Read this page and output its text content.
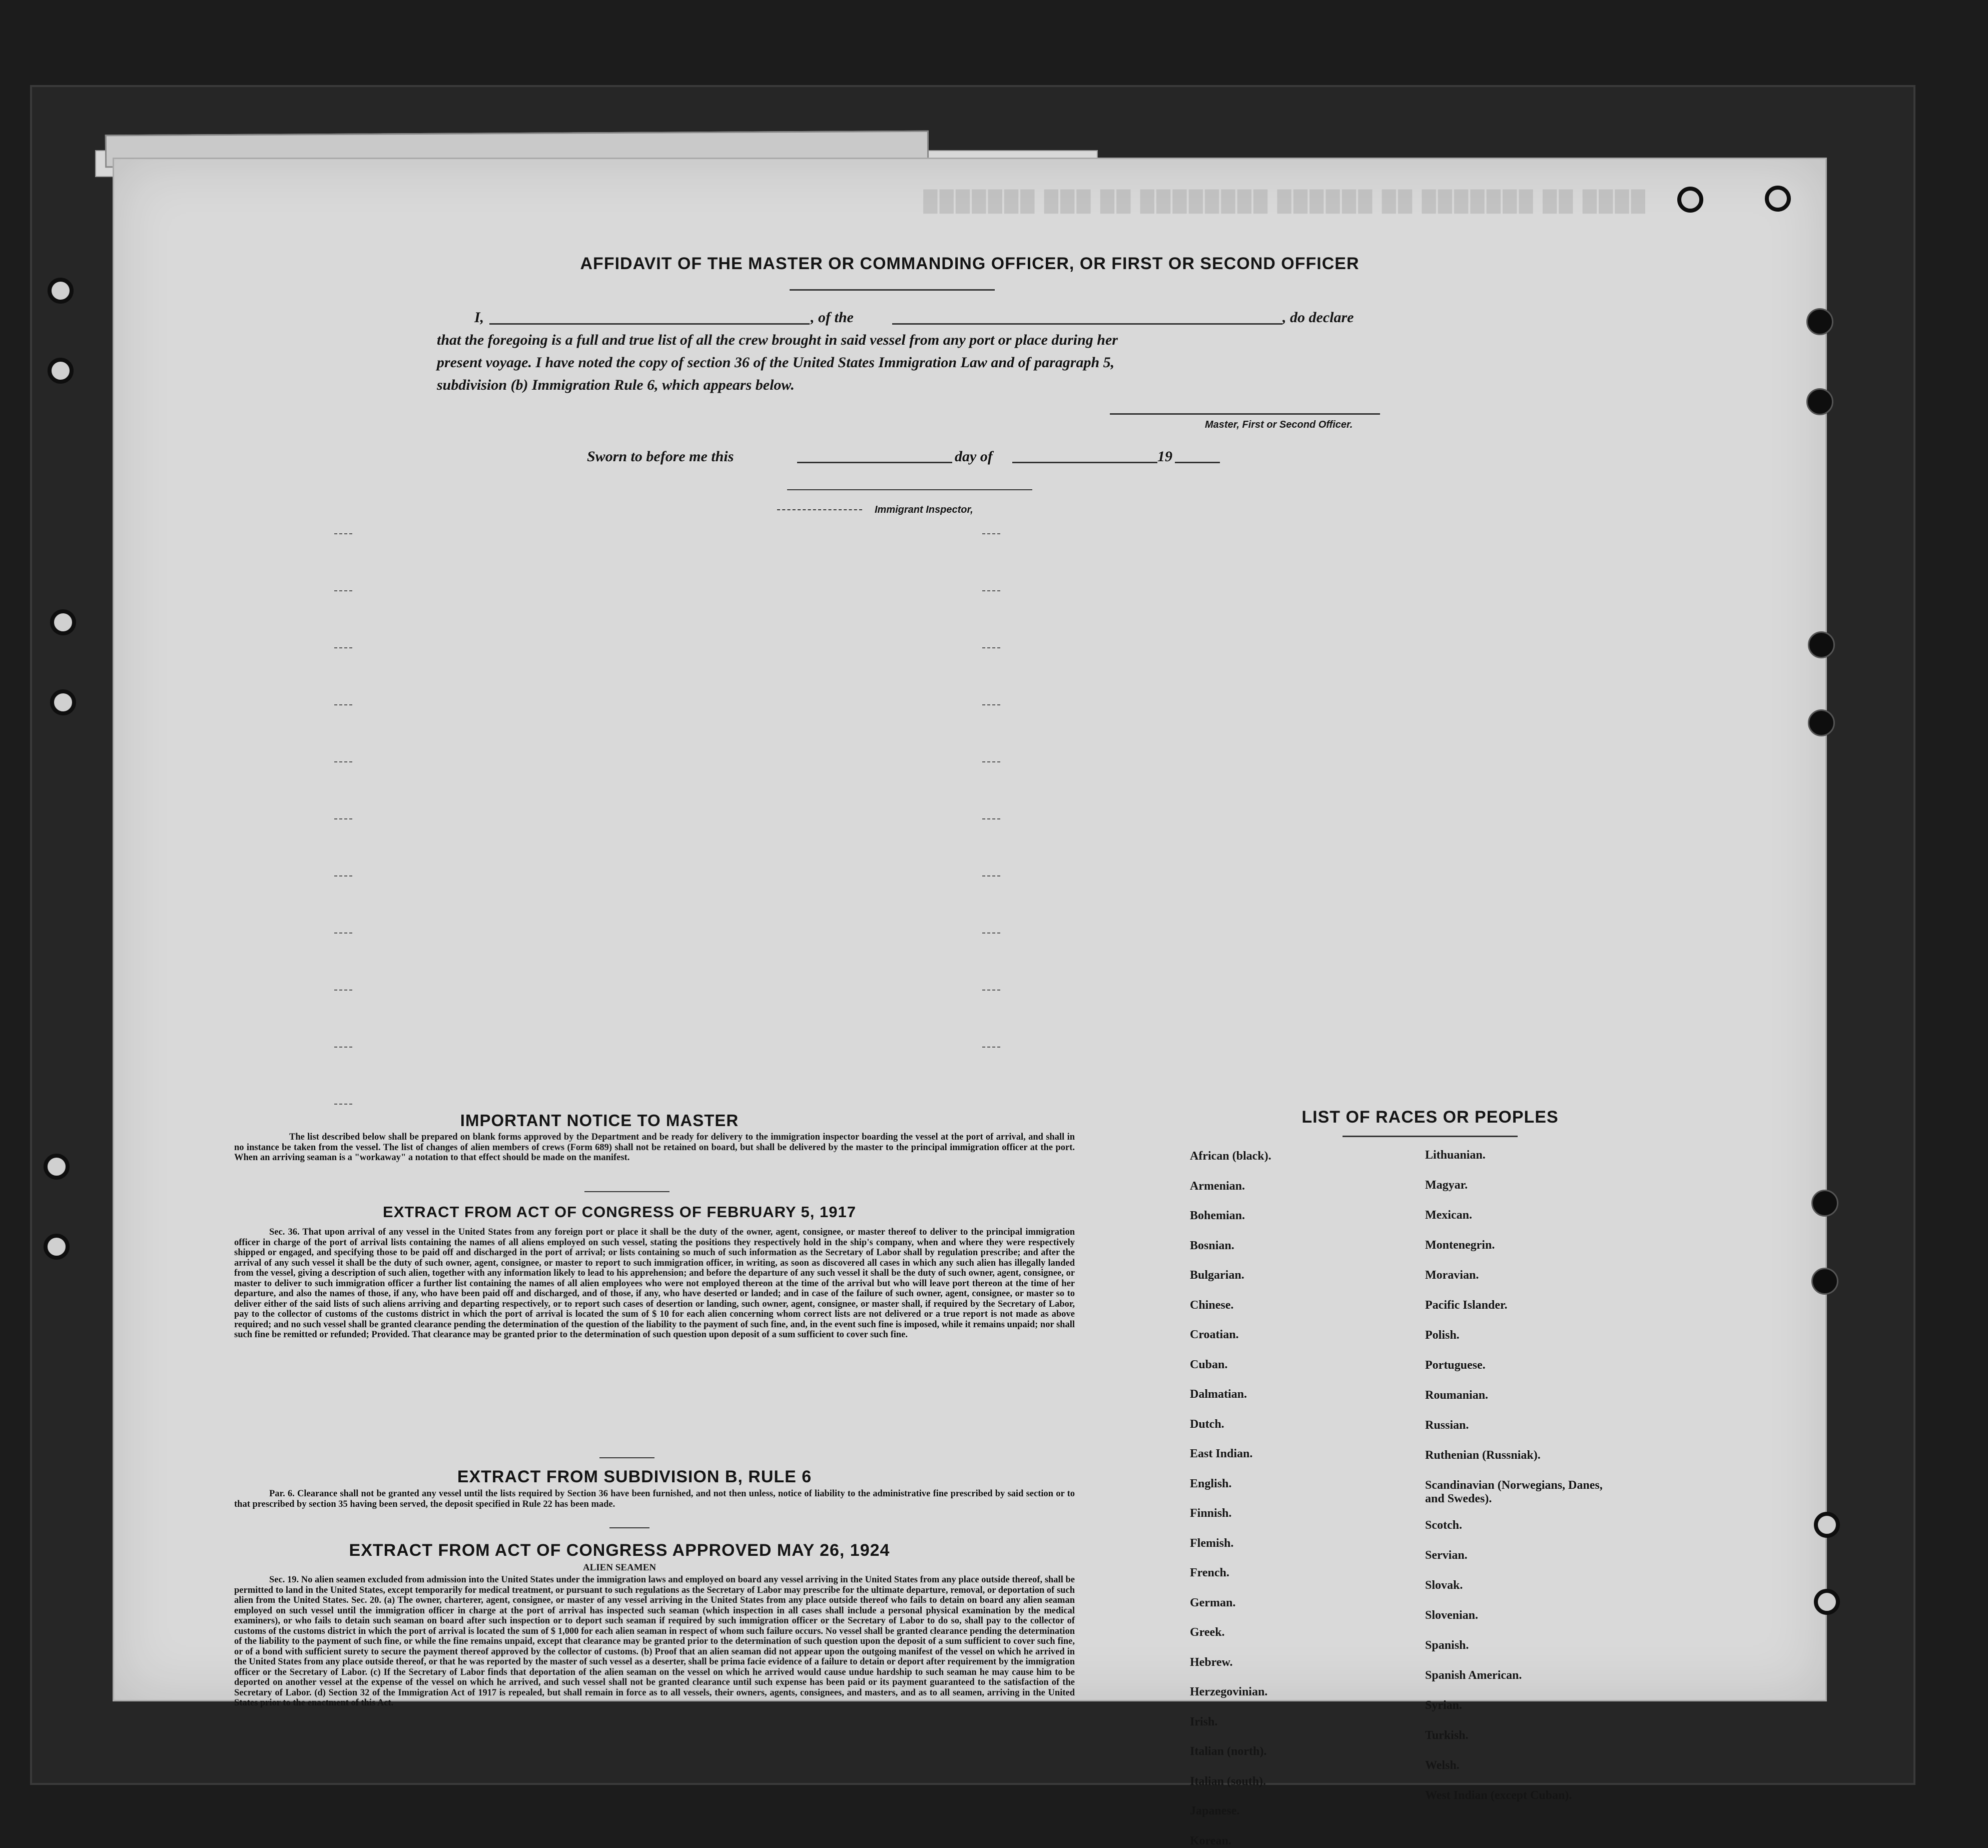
████ ██ ███████ ██ ██████ ████████ ██ ███ ███████
AFFIDAVIT OF THE MASTER OR COMMANDING OFFICER, OR FIRST OR SECOND OFFICER
I,	, of the	, do declare
that the foregoing is a full and true list of all the crew brought in said vessel from any port or place during her
present voyage. I have noted the copy of section 36 of the United States Immigration Law and of paragraph 5,
subdivision (b) Immigration Rule 6, which appears below.
Master, First or Second Officer.
Sworn to before me this	day of	19
Immigrant Inspector,
IMPORTANT NOTICE TO MASTER
The list described below shall be prepared on blank forms approved by the Department and be ready for delivery to the immigration inspector boarding the vessel at the port of arrival, and shall in no instance be taken from the vessel. The list of changes of alien members of crews (Form 689) shall not be retained on board, but shall be delivered by the master to the principal immigration officer at the port. When an arriving seaman is a "workaway" a notation to that effect should be made on the manifest.
EXTRACT FROM ACT OF CONGRESS OF FEBRUARY 5, 1917
Sec. 36. That upon arrival of any vessel in the United States from any foreign port or place it shall be the duty of the owner, agent, consignee, or master thereof to deliver to the principal immigration officer in charge of the port of arrival lists containing the names of all aliens employed on such vessel, stating the positions they respectively hold in the ship's company, when and where they were respectively shipped or engaged, and specifying those to be paid off and discharged in the port of arrival; or lists containing so much of such information as the Secretary of Labor shall by regulation prescribe; and after the arrival of any such vessel it shall be the duty of such owner, agent, consignee, or master to report to such immigration officer, in writing, as soon as discovered all cases in which any such alien has illegally landed from the vessel, giving a description of such alien, together with any information likely to lead to his apprehension; and before the departure of any such vessel it shall be the duty of such owner, agent, consignee, or master to deliver to such immigration officer a further list containing the names of all alien employees who were not employed thereon at the time of the arrival but who will leave port thereon at the time of her departure, and also the names of those, if any, who have been paid off and discharged, and of those, if any, who have deserted or landed; and in case of the failure of such owner, agent, consignee, or master so to deliver either of the said lists of such aliens arriving and departing respectively, or to report such cases of desertion or landing, such owner, agent, consignee, or master shall, if required by the Secretary of Labor, pay to the collector of customs of the customs district in which the port of arrival is located the sum of $ 10 for each alien concerning whom correct lists are not delivered or a true report is not made as above required; and no such vessel shall be granted clearance pending the determination of the question of the liability to the payment of such fine, and, in the event such fine is imposed, while it remains unpaid; nor shall such fine be remitted or refunded; Provided. That clearance may be granted prior to the determination of such question upon deposit of a sum sufficient to cover such fine.
EXTRACT FROM SUBDIVISION B, RULE 6
Par. 6. Clearance shall not be granted any vessel until the lists required by Section 36 have been furnished, and not then unless, notice of liability to the administrative fine prescribed by said section or to that prescribed by section 35 having been served, the deposit specified in Rule 22 has been made.
EXTRACT FROM ACT OF CONGRESS APPROVED MAY 26, 1924
ALIEN SEAMEN
Sec. 19. No alien seamen excluded from admission into the United States under the immigration laws and employed on board any vessel arriving in the United States from any place outside thereof, shall be permitted to land in the United States, except temporarily for medical treatment, or pursuant to such regulations as the Secretary of Labor may prescribe for the ultimate departure, removal, or deportation of such alien from the United States. Sec. 20. (a) The owner, charterer, agent, consignee, or master of any vessel arriving in the United States from any place outside thereof who fails to detain on board any alien seaman employed on such vessel until the immigration officer in charge at the port of arrival has inspected such seaman (which inspection in all cases shall include a personal physical examination by the medical examiners), or who fails to detain such seaman on board after such inspection or to deport such seaman if required by such immigration officer or the Secretary of Labor to do so, shall pay to the collector of customs of the customs district in which the port of arrival is located the sum of $ 1,000 for each alien seaman in respect of whom such failure occurs. No vessel shall be granted clearance pending the determination of the liability to the payment of such fine, or while the fine remains unpaid, except that clearance may be granted prior to the determination of such question upon the deposit of a sum sufficient to cover such fine, or of a bond with sufficient surety to secure the payment thereof approved by the collector of customs. (b) Proof that an alien seaman did not appear upon the outgoing manifest of the vessel on which he arrived in the United States from any place outside thereof, or that he was reported by the master of such vessel as a deserter, shall be prima facie evidence of a failure to detain or deport after requirement by the immigration officer or the Secretary of Labor. (c) If the Secretary of Labor finds that deportation of the alien seaman on the vessel on which he arrived would cause undue hardship to such seaman he may cause him to be deported on another vessel at the expense of the vessel on which he arrived, and such vessel shall not be granted clearance until such expense has been paid or its payment guaranteed to the satisfaction of the Secretary of Labor. (d) Section 32 of the Immigration Act of 1917 is repealed, but shall remain in force as to all vessels, their owners, agents, consignees, and masters, and as to all seamen, arriving in the United States prior to the enactment of this Act.
LIST OF RACES OR PEOPLES
African (black).
Armenian.
Bohemian.
Bosnian.
Bulgarian.
Chinese.
Croatian.
Cuban.
Dalmatian.
Dutch.
East Indian.
English.
Finnish.
Flemish.
French.
German.
Greek.
Hebrew.
Herzegovinian.
Irish.
Italian (north).
Italian (south).
Japanese.
Korean.
Lithuanian.
Magyar.
Mexican.
Montenegrin.
Moravian.
Pacific Islander.
Polish.
Portuguese.
Roumanian.
Russian.
Ruthenian (Russniak).
Scandinavian (Norwegians, Danes, and Swedes).
Scotch.
Servian.
Slovak.
Slovenian.
Spanish.
Spanish American.
Syrian.
Turkish.
Welsh.
West Indian (except Cuban).
